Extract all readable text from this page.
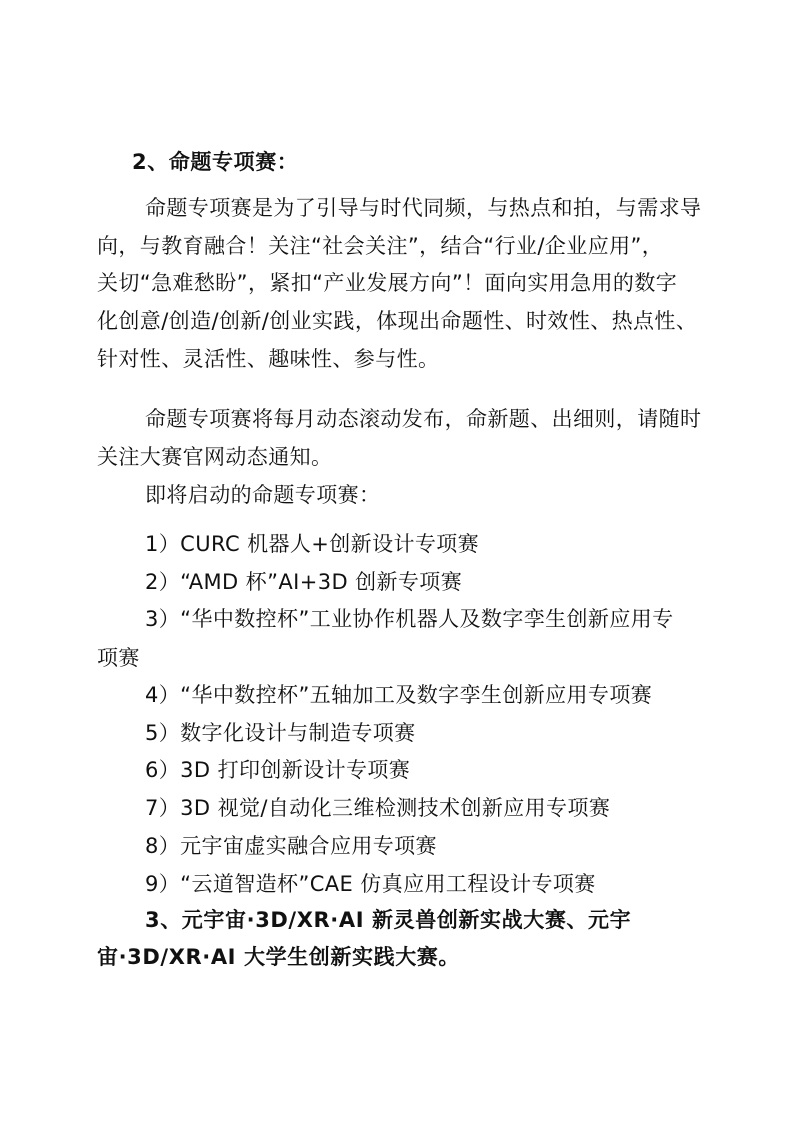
2、命题专项赛：
命题专项赛是为了引导与时代同频，与热点和拍，与需求导
向，与教育融合！关注“社会关注”，结合“行业/企业应用”，
关切“急难愁盼”，紧扣“产业发展方向”！面向实用急用的数字
化创意/创造/创新/创业实践，体现出命题性、时效性、热点性、
针对性、灵活性、趣味性、参与性。
命题专项赛将每月动态滚动发布，命新题、出细则，请随时
关注大赛官网动态通知。
即将启动的命题专项赛：
1）CURC 机器人+创新设计专项赛
2）“AMD 杯”AI+3D 创新专项赛
3）“华中数控杯”工业协作机器人及数字孪生创新应用专
项赛
4）“华中数控杯”五轴加工及数字孪生创新应用专项赛
5）数字化设计与制造专项赛
6）3D 打印创新设计专项赛
7）3D 视觉/自动化三维检测技术创新应用专项赛
8）元宇宙虚实融合应用专项赛
9）“云道智造杯”CAE 仿真应用工程设计专项赛
3、元宇宙·3D/XR·AI 新灵兽创新实战大赛、元宇
宙·3D/XR·AI 大学生创新实践大赛。
